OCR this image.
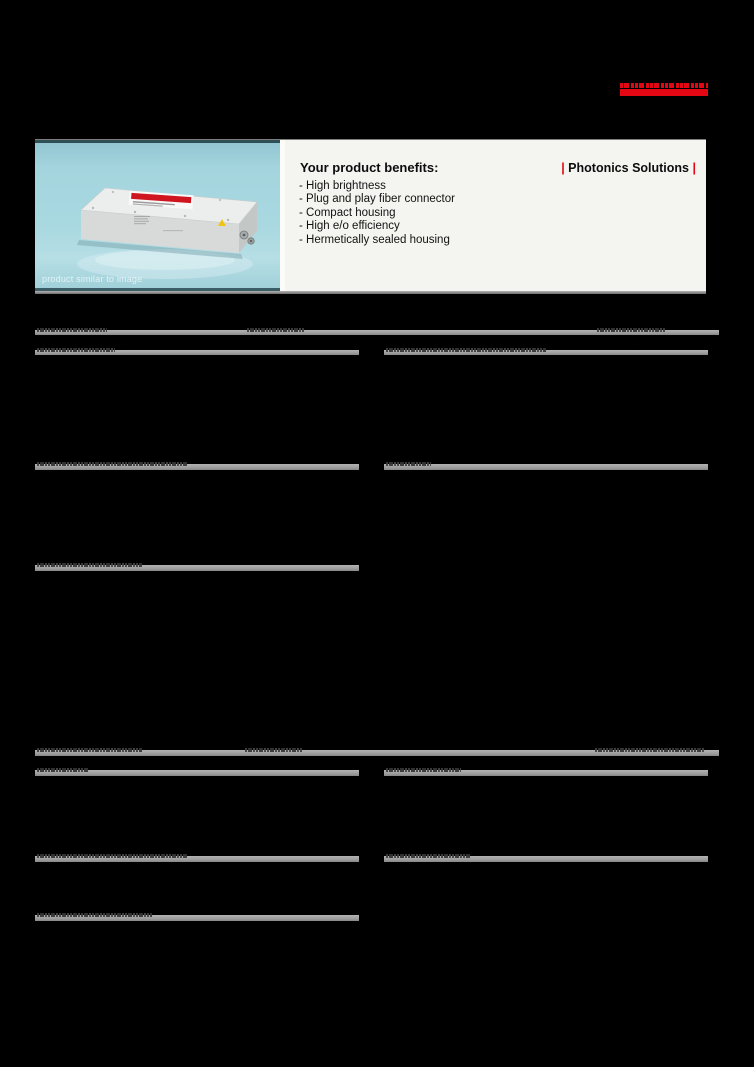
product similar to image
Your product benefits:
- High brightness
- Plug and play fiber connector
- Compact housing
- High e/o efficiency
- Hermetically sealed housing
| Photonics Solutions |
